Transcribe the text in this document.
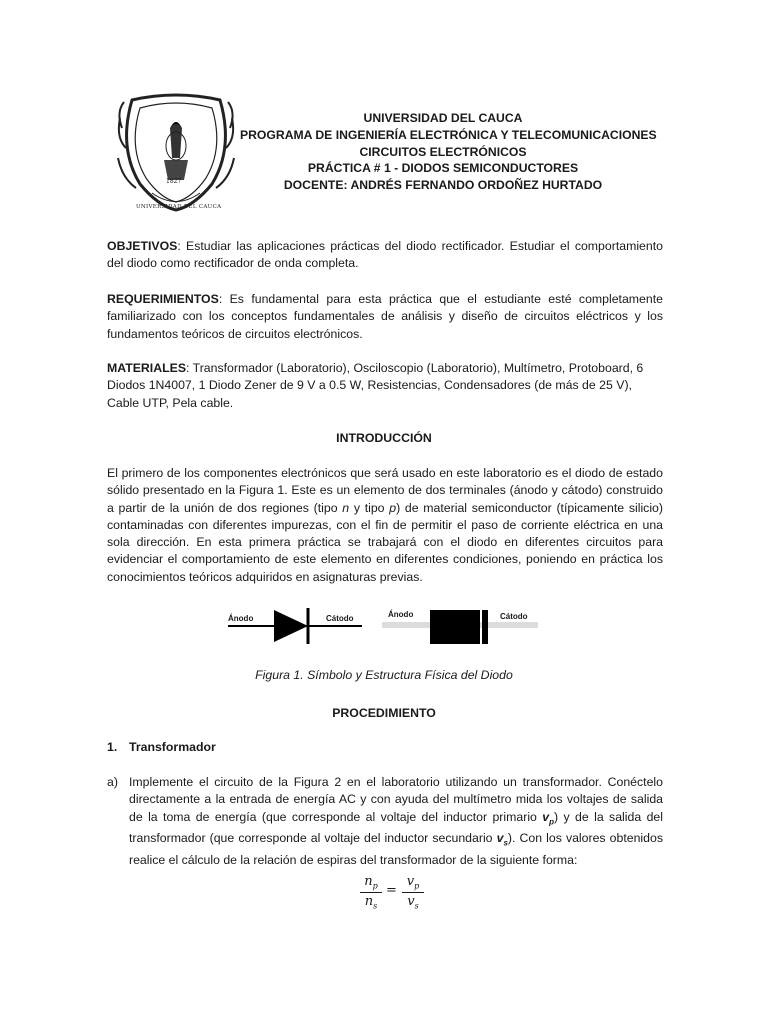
1827
UNIVERSIDAD DEL CAUCA
UNIVERSIDAD DEL CAUCA
PROGRAMA DE INGENIERÍA ELECTRÓNICA Y TELECOMUNICACIONES
CIRCUITOS ELECTRÓNICOS
PRÁCTICA # 1 - DIODOS SEMICONDUCTORES
DOCENTE: ANDRÉS FERNANDO ORDOÑEZ HURTADO
OBJETIVOS: Estudiar las aplicaciones prácticas del diodo rectificador. Estudiar el comportamiento del diodo como rectificador de onda completa.
REQUERIMIENTOS: Es fundamental para esta práctica que el estudiante esté completamente familiarizado con los conceptos fundamentales de análisis y diseño de circuitos eléctricos y los fundamentos teóricos de circuitos electrónicos.
MATERIALES: Transformador (Laboratorio), Osciloscopio (Laboratorio), Multímetro, Protoboard, 6 Diodos 1N4007, 1 Diodo Zener de 9 V a 0.5 W, Resistencias, Condensadores (de más de 25 V), Cable UTP, Pela cable.
INTRODUCCIÓN
El primero de los componentes electrónicos que será usado en este laboratorio es el diodo de estado sólido presentado en la Figura 1. Este es un elemento de dos terminales (ánodo y cátodo) construido a partir de la unión de dos regiones (tipo n y tipo p) de material semiconductor (típicamente silicio) contaminadas con diferentes impurezas, con el fin de permitir el paso de corriente eléctrica en una sola dirección. En esta primera práctica se trabajará con el diodo en diferentes circuitos para evidenciar el comportamiento de este elemento en diferentes condiciones, poniendo en práctica los conocimientos teóricos adquiridos en asignaturas previas.
Ánodo	Cátodo	Ánodo	Cátodo
Figura 1. Símbolo y Estructura Física del Diodo
PROCEDIMIENTO
1. Transformador
a) Implemente el circuito de la Figura 2 en el laboratorio utilizando un transformador. Conéctelo directamente a la entrada de energía AC y con ayuda del multímetro mida los voltajes de salida de la toma de energía (que corresponde al voltaje del inductor primario $v_p$) y de la salida del transformador (que corresponde al voltaje del inductor secundario $v_s$). Con los valores obtenidos realice el cálculo de la relación de espiras del transformador de la siguiente forma:
$\frac{n_p}{n_s} = \frac{v_p}{v_s}$
